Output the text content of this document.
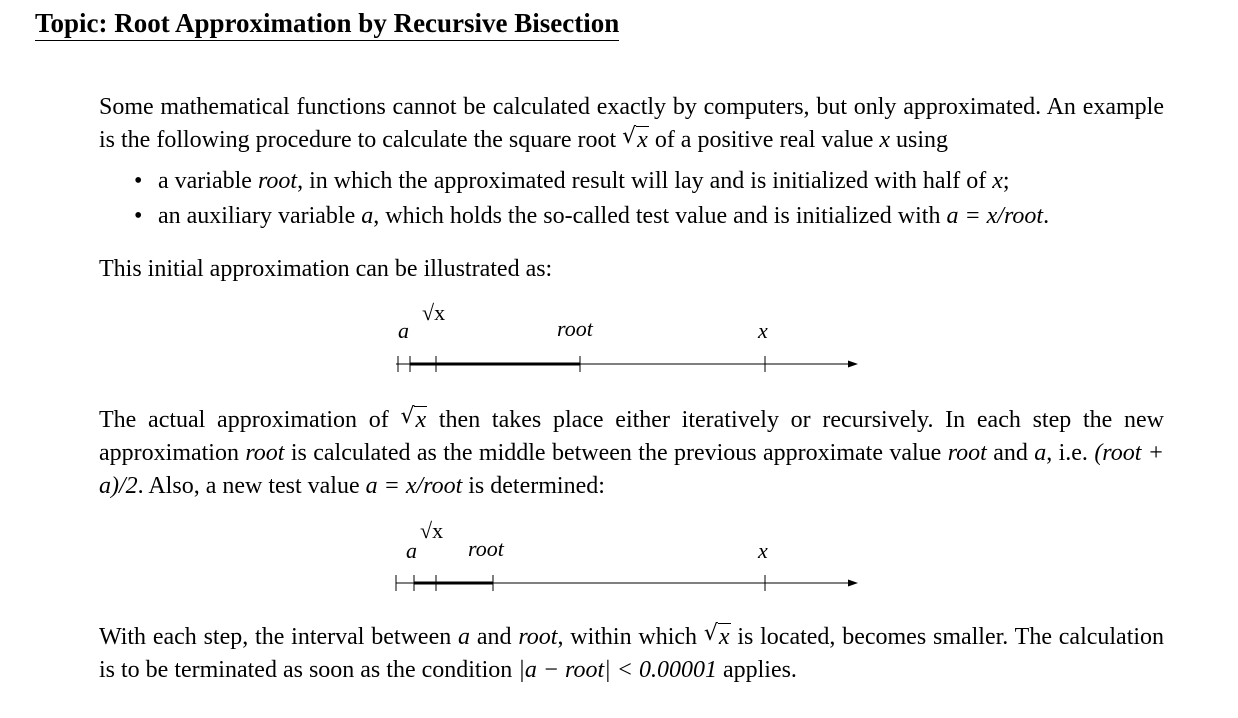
Topic: Root Approximation by Recursive Bisection
Some mathematical functions cannot be calculated exactly by computers, but only approximated. An example is the following procedure to calculate the square root √ x of a positive real value x using
• a variable root, in which the approximated result will lay and is initialized with half of x;
• an auxiliary variable a, which holds the so-called test value and is initialized with a = x/root.
This initial approximation can be illustrated as:
a
√x
root	x
The actual approximation of √ x then takes place either iteratively or recursively. In each step the new approximation root is calculated as the middle between the previous approximate value root and a, i.e. (root + a)/2. Also, a new test value a = x/root is determined:
a
√x
root	x
With each step, the interval between a and root, within which √ x is located, becomes smaller. The calculation is to be terminated as soon as the condition |a − root| < 0.00001 applies.
